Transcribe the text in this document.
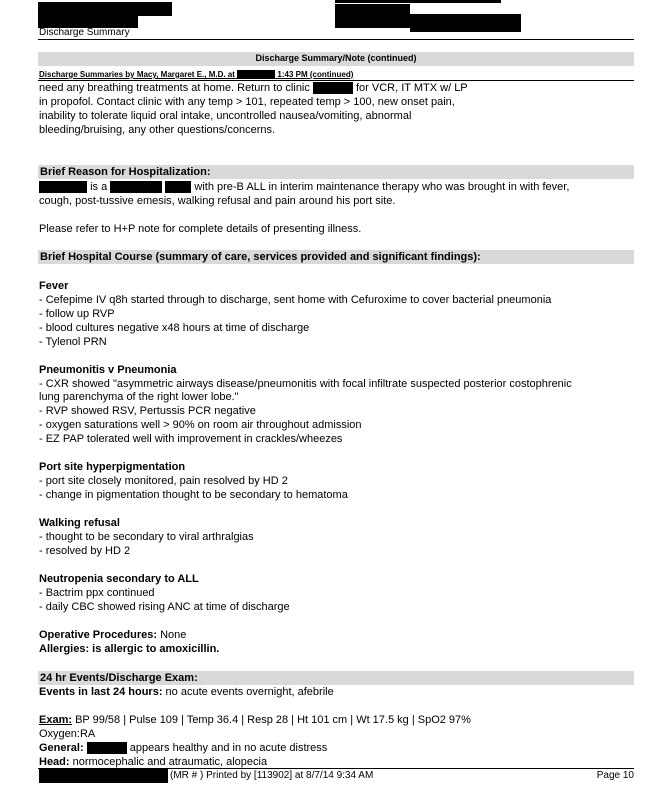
Discharge Summary
Discharge Summary/Note (continued)
Discharge Summaries by Macy, Margaret E., M.D. at	1:43 PM (continued)
need any breathing treatments at home. Return to clinic	for VCR, IT MTX w/ LP
in propofol. Contact clinic with any temp > 101, repeated temp > 100, new onset pain,
inability to tolerate liquid oral intake, uncontrolled nausea/vomiting, abnormal
bleeding/bruising, any other questions/concerns.
Brief Reason for Hospitalization:
is a	with pre-B ALL in interim maintenance therapy who was brought in with fever,
cough, post-tussive emesis, walking refusal and pain around his port site.
Please refer to H+P note for complete details of presenting illness.
Brief Hospital Course (summary of care, services provided and significant findings):
Fever
- Cefepime IV q8h started through to discharge, sent home with Cefuroxime to cover bacterial pneumonia
- follow up RVP
- blood cultures negative x48 hours at time of discharge
- Tylenol PRN
Pneumonitis v Pneumonia
- CXR showed "asymmetric airways disease/pneumonitis with focal infiltrate suspected posterior costophrenic
lung parenchyma of the right lower lobe."
- RVP showed RSV, Pertussis PCR negative
- oxygen saturations well > 90% on room air throughout admission
- EZ PAP tolerated well with improvement in crackles/wheezes
Port site hyperpigmentation
- port site closely monitored, pain resolved by HD 2
- change in pigmentation thought to be secondary to hematoma
Walking refusal
- thought to be secondary to viral arthralgias
- resolved by HD 2
Neutropenia secondary to ALL
- Bactrim ppx continued
- daily CBC showed rising ANC at time of discharge
Operative Procedures: None
Allergies: is allergic to amoxicillin.
24 hr Events/Discharge Exam:
Events in last 24 hours: no acute events overnight, afebrile
Exam: BP 99/58 | Pulse 109 | Temp 36.4 | Resp 28 | Ht 101 cm | Wt 17.5 kg | SpO2 97%
Oxygen:RA
General:	appears healthy and in no acute distress
Head: normocephalic and atraumatic, alopecia
(MR # ) Printed by [113902] at 8/7/14 9:34 AM	Page 10
